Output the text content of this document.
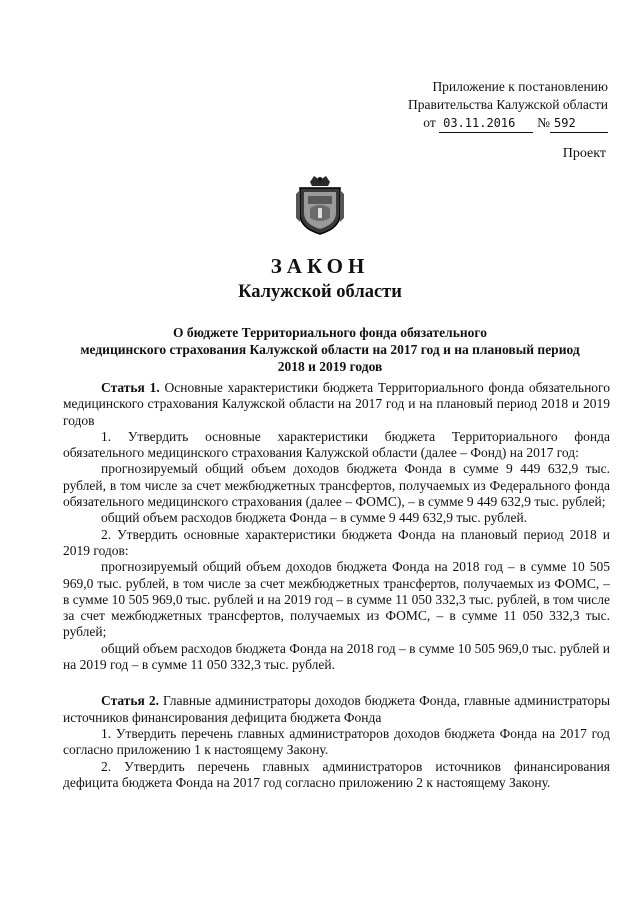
Приложение к постановлению
Правительства Калужской области
от
03.11.2016	№ 592
Проект
ЗАКОН
Калужской области
О бюджете Территориального фонда обязательного
медицинского страхования Калужской области на 2017 год и на плановый период
2018 и 2019 годов

Статья 1. Основные характеристики бюджета Территориального фонда обязательного медицинского страхования Калужской области на 2017 год и на плановый период 2018 и 2019 годов

1. Утвердить основные характеристики бюджета Территориального фонда обязательного медицинского страхования Калужской области (далее – Фонд) на 2017 год:

прогнозируемый общий объем доходов бюджета Фонда в сумме 9 449 632,9 тыс. рублей, в том числе за счет межбюджетных трансфертов, получаемых из Федерального фонда обязательного медицинского страхования (далее – ФОМС), – в сумме 9 449 632,9 тыс. рублей;

общий объем расходов бюджета Фонда – в сумме 9 449 632,9 тыс. рублей.

2. Утвердить основные характеристики бюджета Фонда на плановый период 2018 и 2019 годов:

прогнозируемый общий объем доходов бюджета Фонда на 2018 год – в сумме 10 505 969,0 тыс. рублей, в том числе за счет межбюджетных трансфертов, получаемых из ФОМС, – в сумме 10 505 969,0 тыс. рублей и на 2019 год – в сумме 11 050 332,3 тыс. рублей, в том числе за счет межбюджетных трансфертов, получаемых из ФОМС, – в сумме 11 050 332,3 тыс. рублей;

общий объем расходов бюджета Фонда на 2018 год – в сумме 10 505 969,0 тыс. рублей и на 2019 год – в сумме 11 050 332,3 тыс. рублей.

Статья 2. Главные администраторы доходов бюджета Фонда, главные администраторы источников финансирования дефицита бюджета Фонда

1. Утвердить перечень главных администраторов доходов бюджета Фонда на 2017 год согласно приложению 1 к настоящему Закону.

2. Утвердить перечень главных администраторов источников финансирования дефицита бюджета Фонда на 2017 год согласно приложению 2 к настоящему Закону.
